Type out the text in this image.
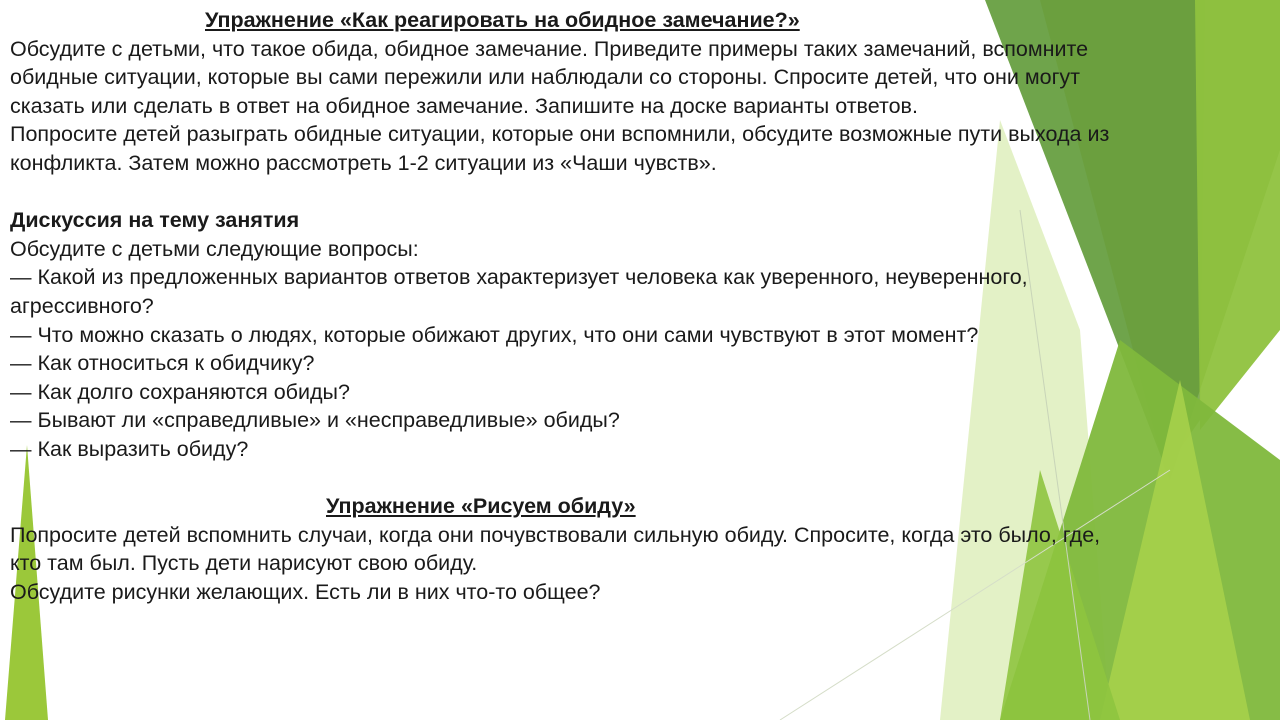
Упражнение «Как реагировать на обидное замечание?»
Обсудите с детьми, что такое обида, обидное замечание. Приведите примеры таких замечаний, вспомните
обидные ситуации, которые вы сами пережили или наблюдали со стороны. Спросите детей, что они могут
сказать или сделать в ответ на обидное замечание. Запишите на доске варианты ответов.
Попросите детей разыграть обидные ситуации, которые они вспомнили, обсудите возможные пути выхода из
конфликта. Затем можно рассмотреть 1-2 ситуации из «Чаши чувств».
Дискуссия на тему занятия
Обсудите с детьми следующие вопросы:
— Какой из предложенных вариантов ответов характеризует человека как уверенного, неуверенного,
агрессивного?
— Что можно сказать о людях, которые обижают других, что они сами чувствуют в этот момент?
— Как относиться к обидчику?
— Как долго сохраняются обиды?
— Бывают ли «справедливые» и «несправедливые» обиды?
— Как выразить обиду?
Упражнение «Рисуем обиду»
Попросите детей вспомнить случаи, когда они почувствовали сильную обиду. Спросите, когда это было, где,
кто там был. Пусть дети нарисуют свою обиду.
Обсудите рисунки желающих. Есть ли в них что-то общее?
